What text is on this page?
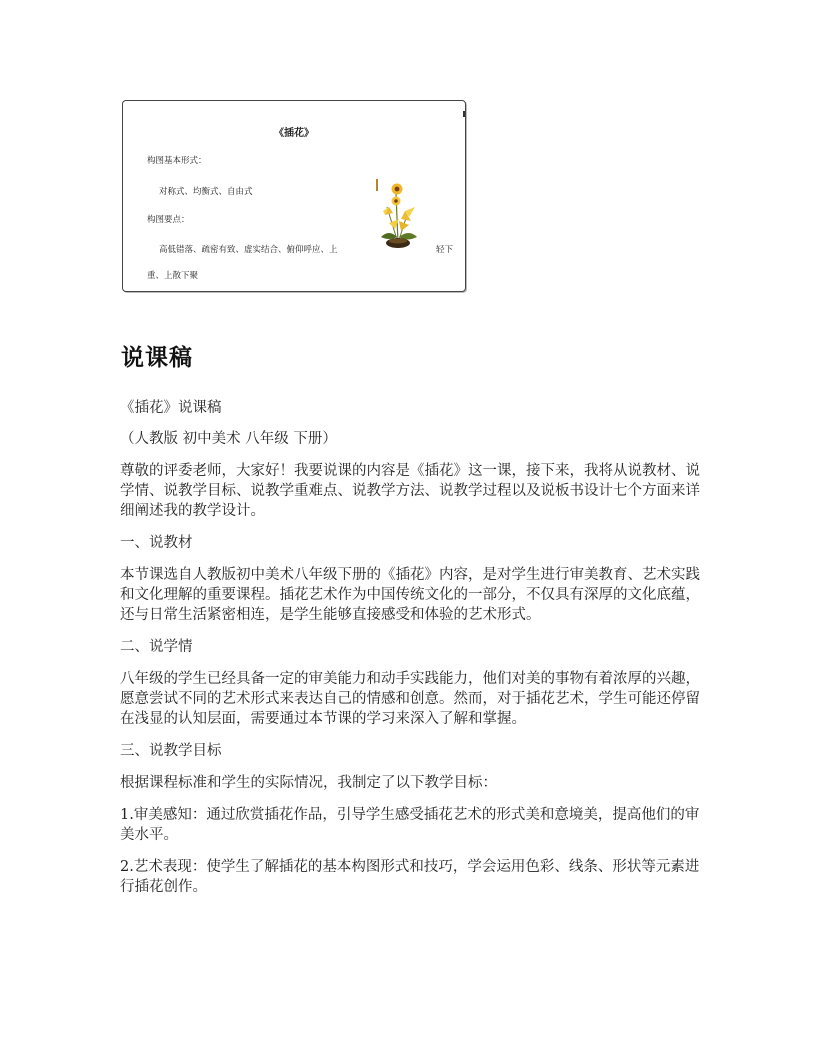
《插花》
构图基本形式：
对称式、均衡式、自由式
构图要点：
高低错落、疏密有致、虚实结合、俯仰呼应、上	轻下
重、上散下聚
说课稿

《插花》说课稿

（人教版 初中美术 八年级 下册）

尊敬的评委老师，大家好！我要说课的内容是《插花》这一课，接下来，我将从说教材、说学情、说教学目标、说教学重难点、说教学方法、说教学过程以及说板书设计七个方面来详细阐述我的教学设计。

一、说教材

本节课选自人教版初中美术八年级下册的《插花》内容，是对学生进行审美教育、艺术实践和文化理解的重要课程。插花艺术作为中国传统文化的一部分，不仅具有深厚的文化底蕴，还与日常生活紧密相连，是学生能够直接感受和体验的艺术形式。

二、说学情

八年级的学生已经具备一定的审美能力和动手实践能力，他们对美的事物有着浓厚的兴趣，愿意尝试不同的艺术形式来表达自己的情感和创意。然而，对于插花艺术，学生可能还停留在浅显的认知层面，需要通过本节课的学习来深入了解和掌握。

三、说教学目标

根据课程标准和学生的实际情况，我制定了以下教学目标：

1.审美感知：通过欣赏插花作品，引导学生感受插花艺术的形式美和意境美，提高他们的审美水平。

2.艺术表现：使学生了解插花的基本构图形式和技巧，学会运用色彩、线条、形状等元素进行插花创作。
